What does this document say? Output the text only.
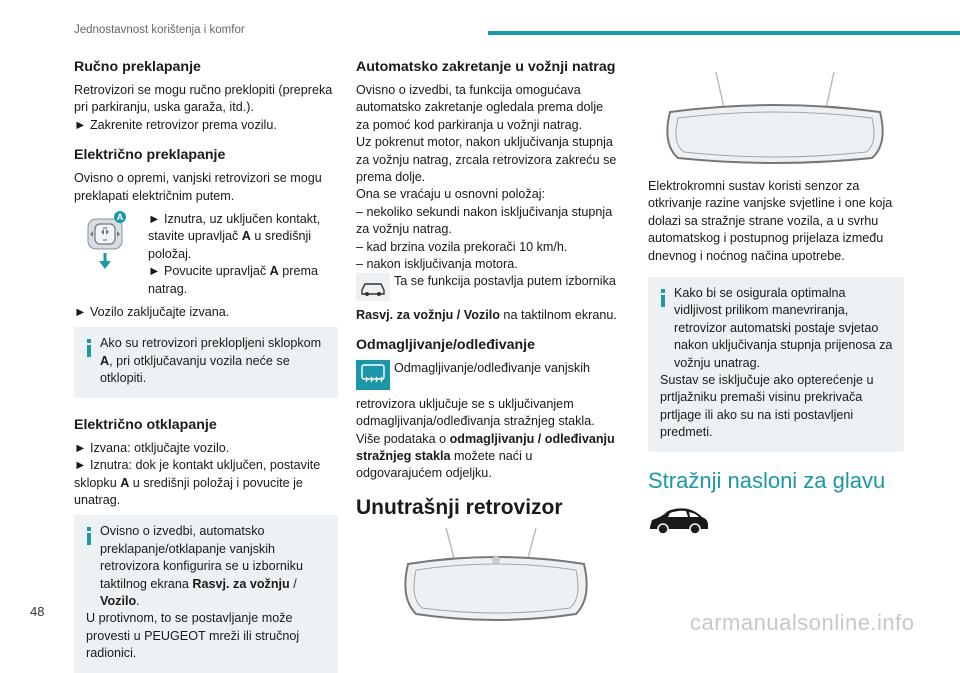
Jednostavnost korištenja i komfor
Ručno preklapanje

Retrovizori se mogu ručno preklopiti (prepreka pri parkiranju, uska garaža, itd.).

► Zakrenite retrovizor prema vozilu.

Električno preklapanje

Ovisno o opremi, vanjski retrovizori se mogu preklapati električnim putem.

A ► Iznutra, uz uključen kontakt, stavite upravljač A u središnji položaj.

► Povucite upravljač A prema natrag.

► Vozilo zaključajte izvana.

Ako su retrovizori preklopljeni sklopkom A, pri otključavanju vozila neće se otklopiti.

Električno otklapanje

► Izvana: otključajte vozilo.

► Iznutra: dok je kontakt uključen, postavite sklopku A u središnji položaj i povucite je unatrag.

Ovisno o izvedbi, automatsko preklapanje/otklapanje vanjskih retrovizora konfigurira se u izborniku taktilnog ekrana Rasvj. za vožnju / Vozilo.

U protivnom, to se postavljanje može provesti u PEUGEOT mreži ili stručnoj radionici.

Automatsko zakretanje u vožnji natrag

Ovisno o izvedbi, ta funkcija omogućava automatsko zakretanje ogledala prema dolje za pomoć kod parkiranja u vožnji natrag.

Uz pokrenut motor, nakon uključivanja stupnja za vožnju natrag, zrcala retrovizora zakreću se prema dolje.

Ona se vraćaju u osnovni položaj:

– nekoliko sekundi nakon isključivanja stupnja za vožnju natrag.

– kad brzina vozila prekorači 10 km/h.

– nakon isključivanja motora.

Ta se funkcija postavlja putem izbornika Rasvj. za vožnju / Vozilo na taktilnom ekranu.

Odmagljivanje/odleđivanje

Odmagljivanje/odleđivanje vanjskih retrovizora uključuje se s uključivanjem odmagljivanja/odleđivanja stražnjeg stakla.

Više podataka o odmagljivanju / odleđivanju stražnjeg stakla možete naći u odgovarajućem odjeljku.

Unutrašnji retrovizor

Elektrokromni sustav koristi senzor za otkrivanje razine vanjske svjetline i one koja dolazi sa stražnje strane vozila, a u svrhu automatskog i postupnog prijelaza između dnevnog i noćnog načina upotrebe.

Kako bi se osigurala optimalna vidljivost prilikom manevriranja, retrovizor automatski postaje svjetao nakon uključivanja stupnja prijenosa za vožnju unatrag.

Sustav se isključuje ako opterećenje u prtljažniku premaši visinu prekrivača prtljage ili ako su na isti postavljeni predmeti.

Stražnji nasloni za glavu
48	carmanualsonline.info
